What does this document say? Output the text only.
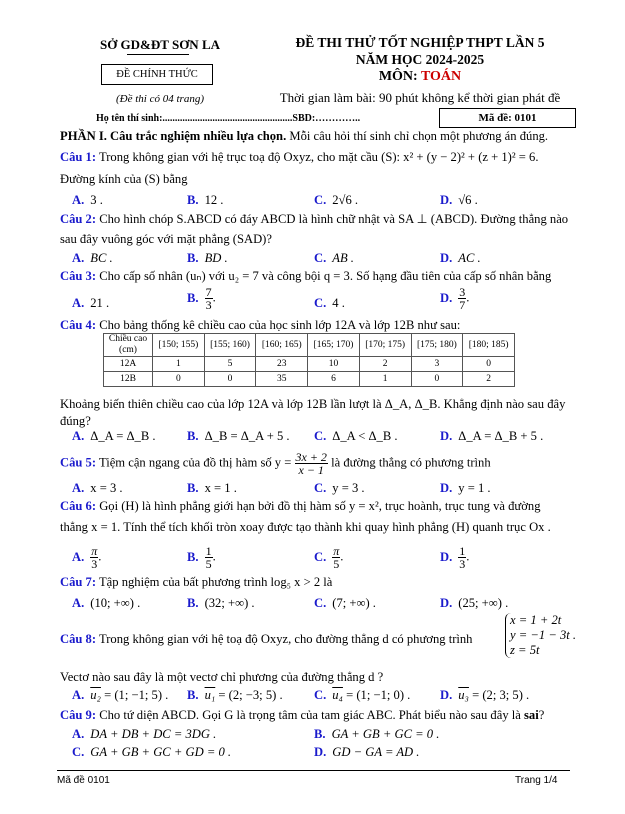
SỞ GD&ĐT SƠN LA
ĐỀ CHÍNH THỨC
(Đề thi có 04 trang)
ĐỀ THI THỬ TỐT NGHIỆP THPT LẦN 5
NĂM HỌC 2024-2025
MÔN: TOÁN
Thời gian làm bài: 90 phút không kể thời gian phát đề
Họ tên thí sinh:....................................................SBD:…………..	Mã đề: 0101
PHẦN I. Câu trắc nghiệm nhiều lựa chọn. Mỗi câu hỏi thí sinh chỉ chọn một phương án đúng.
Câu 1: Trong không gian với hệ trục toạ độ Oxyz, cho mặt cầu (S): x² + (y − 2)² + (z + 1)² = 6.
Đường kính của (S) bằng
A. 3 .	B. 12 .	C. 2√6 .	D. √6 .
Câu 2: Cho hình chóp S.ABCD có đáy ABCD là hình chữ nhật và SA ⊥ (ABCD). Đường thẳng nào
sau đây vuông góc với mặt phẳng (SAD)?
A. BC .	B. BD .	C. AB .	D. AC .
Câu 3: Cho cấp số nhân (uₙ) với u₂ = 7 và công bội q = 3. Số hạng đầu tiên của cấp số nhân bằng
A. 21 .	B. $\frac{7}{3}$ .	C. 4 .	D. $\frac{3}{7}$ .
Câu 4: Cho bảng thống kê chiều cao của học sinh lớp 12A và lớp 12B như sau:
Chiều cao (cm)	[150; 155)	[155; 160)	[160; 165)	[165; 170)	[170; 175)	[175; 180)	[180; 185)
12A	1	5	23	10	2	3	0
12B	0	0	35	6	1	0	2
Khoảng biến thiên chiều cao của lớp 12A và lớp 12B lần lượt là Δ_A, Δ_B. Khẳng định nào sau đây
đúng?
A. Δ_A = Δ_B . B. Δ_B = Δ_A + 5 . C. Δ_A < Δ_B .	D. Δ_A = Δ_B + 5 .
Câu 5: Tiệm cận ngang của đồ thị hàm số $y = \frac{3x + 2}{x - 1}$ là đường thẳng có phương trình
A. x = 3 .	B. x = 1 .	C. y = 3 .	D. y = 1 .
Câu 6: Gọi (H) là hình phẳng giới hạn bởi đồ thị hàm số y = x², trục hoành, trục tung và đường
thẳng x = 1. Tính thể tích khối tròn xoay được tạo thành khi quay hình phẳng (H) quanh trục Ox .
A. $\frac{\pi}{3}$ .	B. $\frac{1}{5}$ .	C. $\frac{\pi}{5}$ .	D. $\frac{1}{3}$ .
Câu 7: Tập nghiệm của bất phương trình log₅ x > 2 là
A. (10; +∞) .	B. (32; +∞) .	C. (7; +∞) .	D. (25; +∞) .
Câu 8: Trong không gian với hệ toạ độ Oxyz, cho đường thẳng d có phương trình
x = 1 + 2t
y = −1 − 3t .
z = 5t
Vectơ nào sau đây là một vectơ chỉ phương của đường thẳng d ?
A. u₂ = (1; −1; 5) . B. u₁ = (2; −3; 5) . C. u₄ = (1; −1; 0) . D. u₃ = (2; 3; 5) .
Câu 9: Cho tứ diện ABCD. Gọi G là trọng tâm của tam giác ABC. Phát biểu nào sau đây là sai?
A. DA + DB + DC = 3DG .	B. GA + GB + GC = 0 .
C. GA + GB + GC + GD = 0 .	D. GD − GA = AD .
Mã đề 0101	Trang 1/4
